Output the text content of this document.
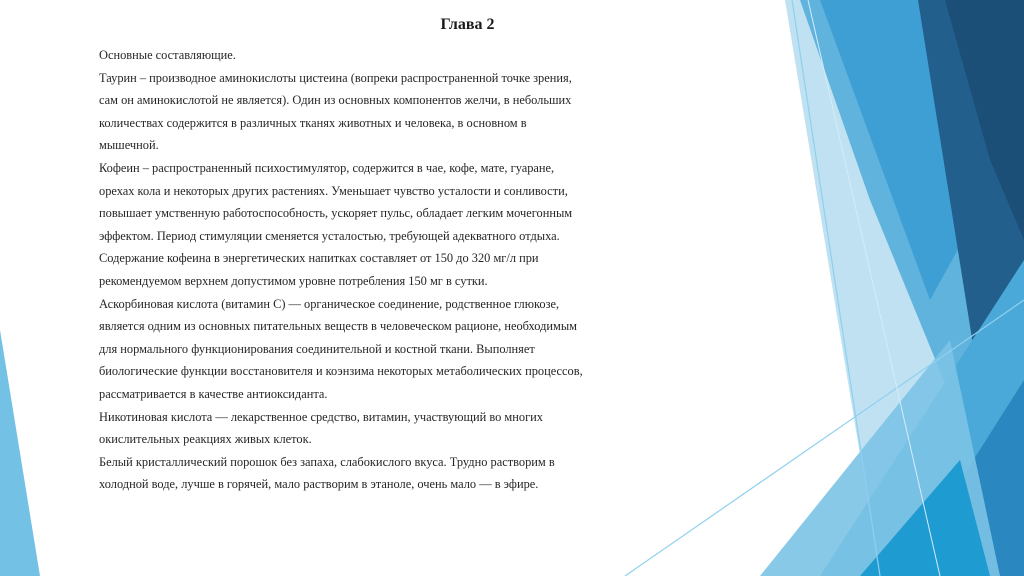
Глава 2

Основные составляющие.

Таурин – производное аминокислоты цистеина (вопреки распространенной точке зрения, сам он аминокислотой не является). Один из основных компонентов желчи, в небольших количествах содержится в различных тканях животных и человека, в основном в мышечной.

Кофеин – распространенный психостимулятор, содержится в чае, кофе, мате, гуаране, орехах кола и некоторых других растениях. Уменьшает чувство усталости и сонливости, повышает умственную работоспособность, ускоряет пульс, обладает легким мочегонным эффектом. Период стимуляции сменяется усталостью, требующей адекватного отдыха. Содержание кофеина в энергетических напитках составляет от 150 до 320 мг/л при рекомендуемом верхнем допустимом уровне потребления 150 мг в сутки.

Аскорбиновая кислота (витамин С) — органическое соединение, родственное глюкозе, является одним из основных питательных веществ в человеческом рационе, необходимым для нормального функционирования соединительной и костной ткани. Выполняет биологические функции восстановителя и коэнзима некоторых метаболических процессов, рассматривается в качестве антиоксиданта.

Никотиновая кислота — лекарственное средство, витамин, участвующий во многих окислительных реакциях живых клеток.

Белый кристаллический порошок без запаха, слабокислого вкуса. Трудно растворим в холодной воде, лучше в горячей, мало растворим в этаноле, очень мало — в эфире.
